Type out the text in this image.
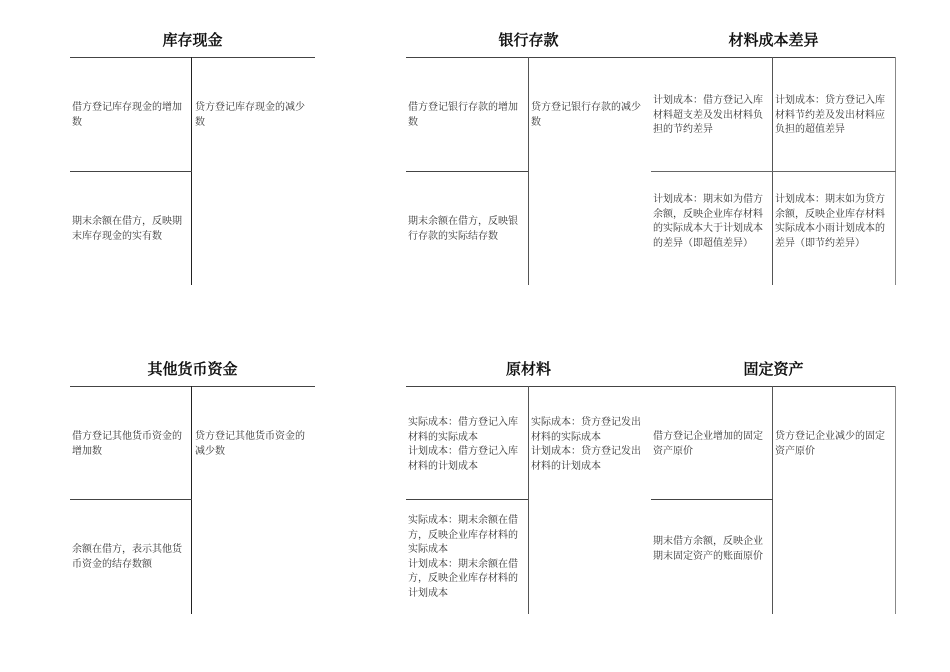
库存现金
借方登记库存现金的增加数
贷方登记库存现金的减少数
期末余额在借方，反映期末库存现金的实有数
银行存款
借方登记银行存款的增加数
贷方登记银行存款的减少数
期末余额在借方，反映银行存款的实际结存数
材料成本差异
计划成本：借方登记入库材料超支差及发出材料负担的节约差异
计划成本：贷方登记入库材料节约差及发出材料应负担的超值差异
计划成本：期末如为借方余额，反映企业库存材料的实际成本大于计划成本的差异（即超值差异）
计划成本：期末如为贷方余额，反映企业库存材料实际成本小雨计划成本的差异（即节约差异）
其他货币资金
借方登记其他货币资金的增加数
贷方登记其他货币资金的减少数
余额在借方，表示其他货币资金的结存数额
原材料
实际成本：借方登记入库材料的实际成本
计划成本：借方登记入库材料的计划成本
实际成本：贷方登记发出材料的实际成本
计划成本：贷方登记发出材料的计划成本
实际成本：期末余额在借方，反映企业库存材料的实际成本
计划成本：期末余额在借方，反映企业库存材料的计划成本
固定资产
借方登记企业增加的固定资产原价
贷方登记企业减少的固定资产原价
期末借方余额，反映企业期末固定资产的账面原价
